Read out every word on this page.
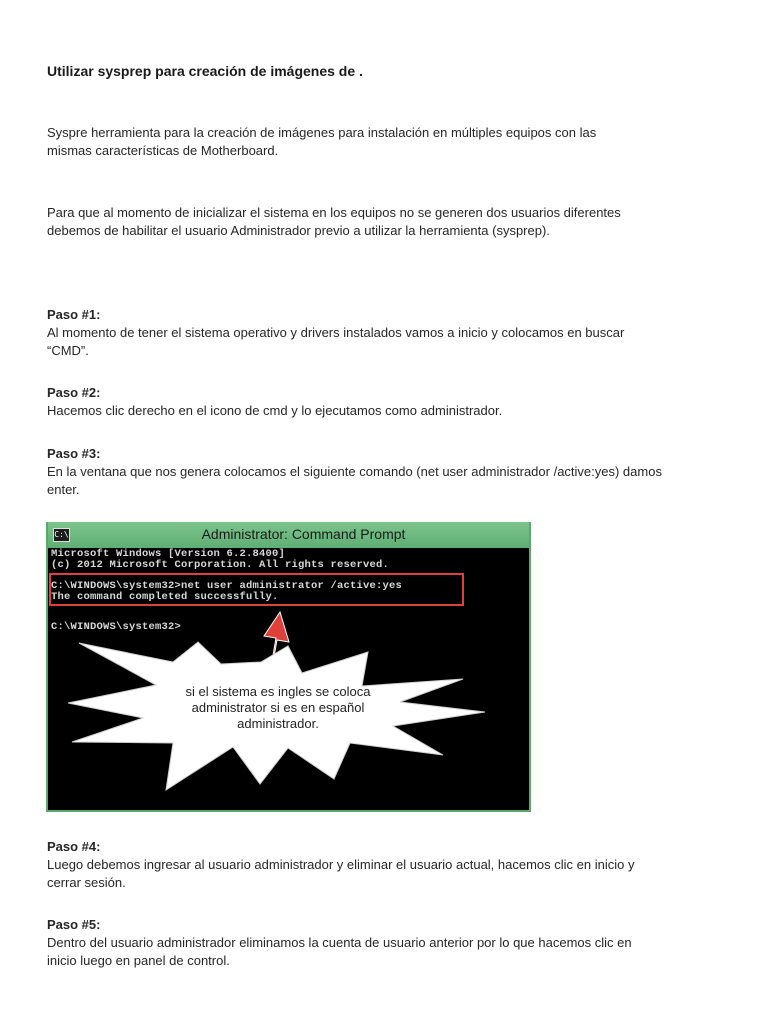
Utilizar sysprep para creación de imágenes de .

Syspre herramienta para la creación de imágenes para instalación en múltiples equipos con las
mismas características de Motherboard.

Para que al momento de inicializar el sistema en los equipos no se generen dos usuarios diferentes
debemos de habilitar el usuario Administrador previo a utilizar la herramienta (sysprep).

Paso #1:
Al momento de tener el sistema operativo y drivers instalados vamos a inicio y colocamos en buscar
“CMD”.
Paso #2:
Hacemos clic derecho en el icono de cmd y lo ejecutamos como administrador.
Paso #3:
En la ventana que nos genera colocamos el siguiente comando (net user administrador /active:yes) damos
enter.
C:\	Administrator: Command Prompt
Microsoft Windows [Version 6.2.8400]
(c) 2012 Microsoft Corporation. All rights reserved.
C:\WINDOWS\system32>net user administrator /active:yes
The command completed successfully.
C:\WINDOWS\system32>
si el sistema es ingles se coloca
administrator si es en español
administrador.
Paso #4:
Luego debemos ingresar al usuario administrador y eliminar el usuario actual, hacemos clic en inicio y
cerrar sesión.
Paso #5:
Dentro del usuario administrador eliminamos la cuenta de usuario anterior por lo que hacemos clic en
inicio luego en panel de control.
